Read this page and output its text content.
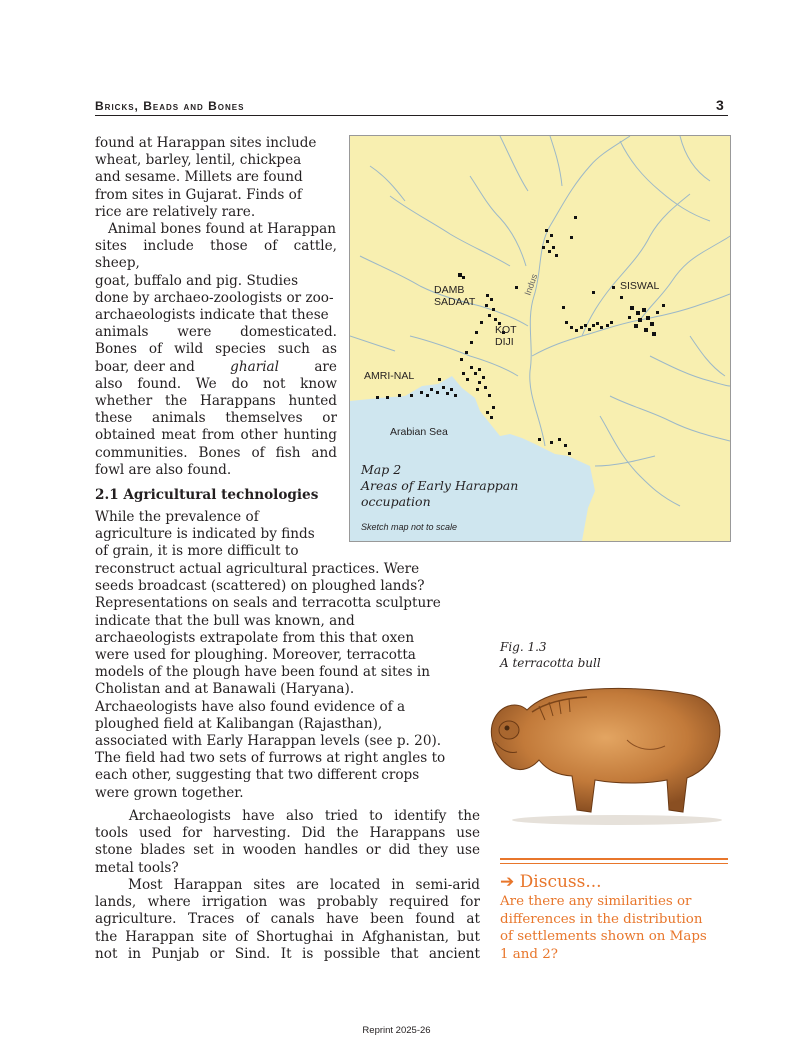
Bricks, Beads and Bones	3
found at Harappan sites include
wheat, barley, lentil, chickpea
and sesame. Millets are found
from sites in Gujarat. Finds of
rice are relatively rare.
Animal bones found at Harappan
sites include those of cattle, sheep,
goat, buffalo and pig. Studies
done by archaeo-zoologists or zoo-
archaeologists indicate that these
animals were domesticated.
Bones of wild species such as
boar, deer and	gharial	are
also found. We do not know
whether the Harappans hunted
these animals themselves or
obtained meat from other hunting
communities. Bones of fish and
fowl are also found.
2.1 Agricultural technologies
While the prevalence of
agriculture is indicated by finds
of grain, it is more difficult to
reconstruct actual agricultural practices. Were
seeds broadcast (scattered) on ploughed lands?
Representations on seals and terracotta sculpture
indicate that the bull was known, and
archaeologists extrapolate from this that oxen
were used for ploughing. Moreover, terracotta
models of the plough have been found at sites in
Cholistan and at Banawali (Haryana).
Archaeologists have also found evidence of a
ploughed field at Kalibangan (Rajasthan),
associated with Early Harappan levels (see p. 20).
The field had two sets of furrows at right angles to
each other, suggesting that two different crops
were grown together.
Archaeologists have also tried to identify the
tools used for harvesting. Did the Harappans use
stone blades set in wooden handles or did they use
metal tools?
Most Harappan sites are located in semi-arid
lands, where irrigation was probably required for
agriculture. Traces of canals have been found at
the Harappan site of Shortughai in Afghanistan, but
not in Punjab or Sind. It is possible that ancient
Indus
DAMB
SADAAT
KOT
DIJI
AMRI-NAL
SISWAL
Arabian Sea
Map 2
Areas of Early Harappan
occupation
Sketch map not to scale
Fig. 1.3
A terracotta bull
➔ Discuss...
Are there any similarities or
differences in the distribution
of settlements shown on Maps
1 and 2?
Reprint 2025-26
